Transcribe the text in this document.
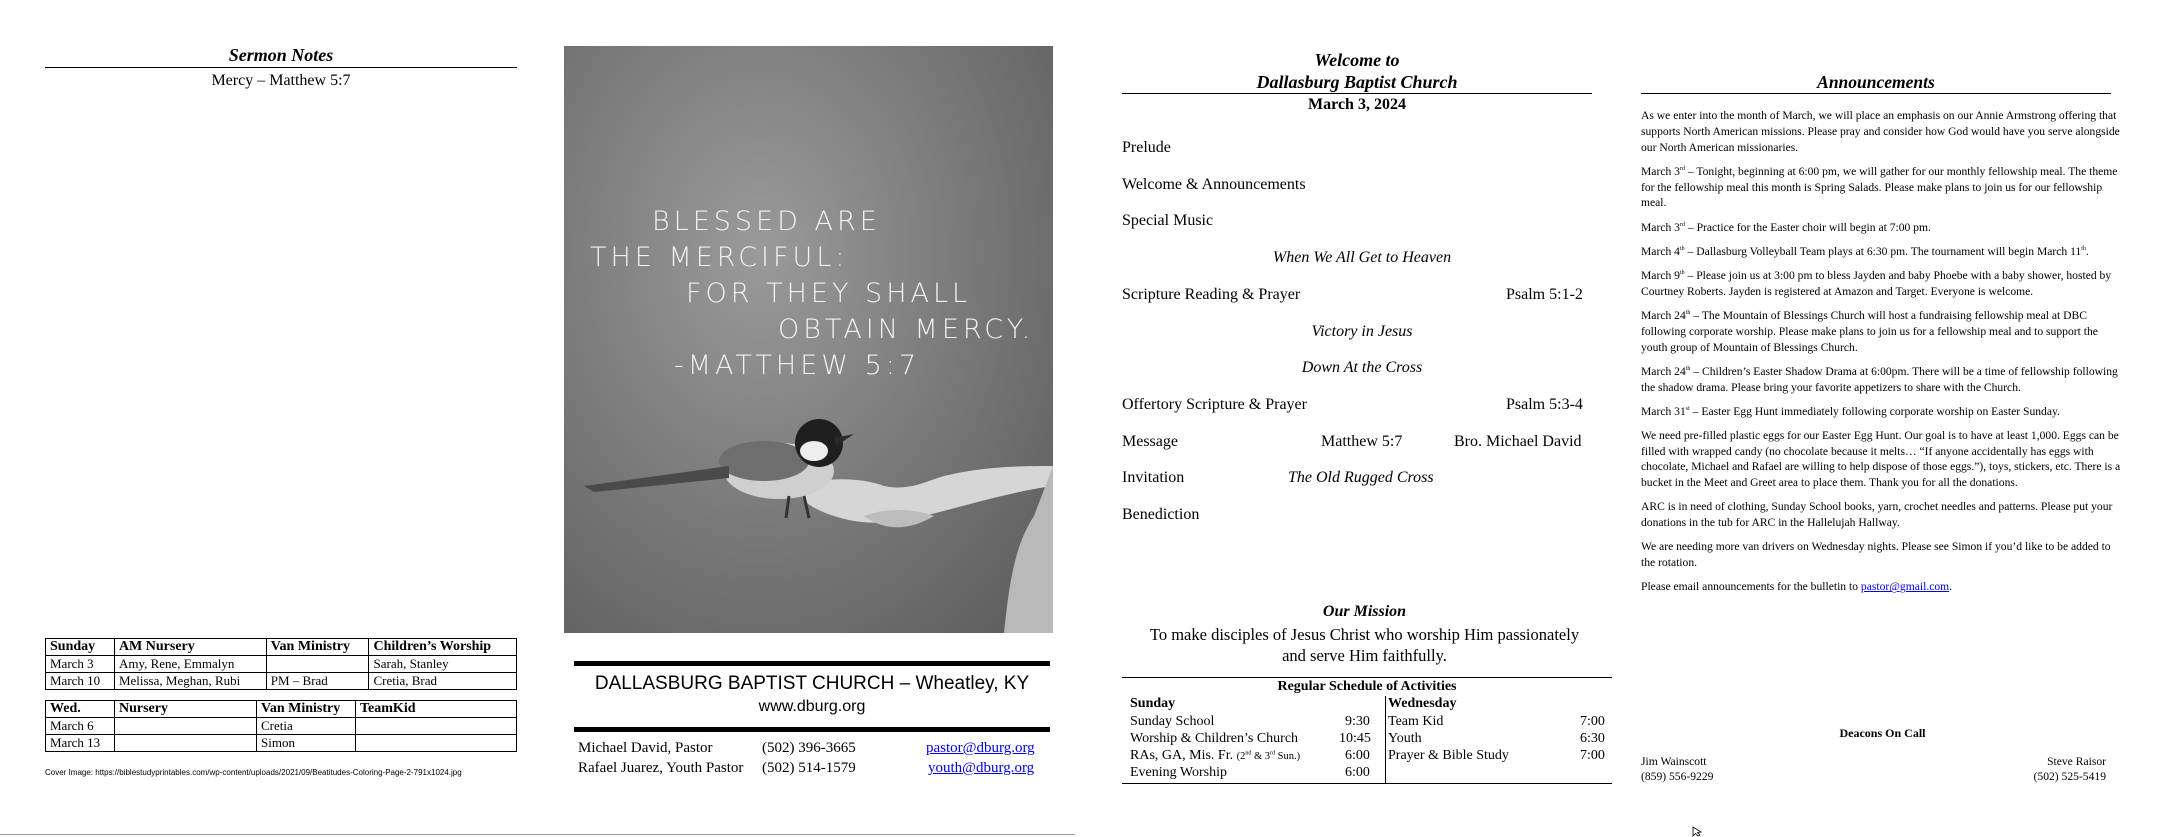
Sermon Notes
Mercy – Matthew 5:7
Sunday	AM Nursery	Van Ministry	Children’s Worship
March 3	Amy, Rene, Emmalyn		Sarah, Stanley
March 10	Melissa, Meghan, Rubi	PM – Brad	Cretia, Brad
Wed.	Nursery	Van Ministry	TeamKid
March 6		Cretia	
March 13		Simon	
Cover Image: https://biblestudyprintables.com/wp-content/uploads/2021/09/Beatitudes-Coloring-Page-2-791x1024.jpg
BLESSED ARE
THE MERCIFUL:
FOR THEY SHALL
OBTAIN MERCY.
-MATTHEW 5:7
DALLASBURG BAPTIST CHURCH – Wheatley, KY
www.dburg.org
Michael David, Pastor	(502) 396-3665	pastor@dburg.org
Rafael Juarez, Youth Pastor (502) 514-1579	youth@dburg.org
Welcome to
Dallasburg Baptist Church
March 3, 2024
Prelude
Welcome & Announcements
Special Music
When We All Get to Heaven
Scripture Reading & Prayer	Psalm 5:1-2
Victory in Jesus
Down At the Cross
Offertory Scripture & Prayer	Psalm 5:3-4
Message	Matthew 5:7	Bro. Michael David
Invitation	The Old Rugged Cross
Benediction
Our Mission
To make disciples of Jesus Christ who worship Him passionately
and serve Him faithfully.
Regular Schedule of Activities
Sunday
Sunday School	9:30
Worship & Children’s Church	10:45
RAs, GA, Mis. Fr. (2nd & 3rd Sun.)	6:00
Evening Worship	6:00
Wednesday
Team Kid	7:00
Youth	6:30
Prayer & Bible Study	7:00
Announcements

As we enter into the month of March, we will place an emphasis on our Annie Armstrong offering that supports North American missions. Please pray and consider how God would have you serve alongside our North American missionaries.

March 3rd – Tonight, beginning at 6:00 pm, we will gather for our monthly fellowship meal. The theme for the fellowship meal this month is Spring Salads. Please make plans to join us for our fellowship meal.

March 3rd – Practice for the Easter choir will begin at 7:00 pm.

March 4th – Dallasburg Volleyball Team plays at 6:30 pm. The tournament will begin March 11th.

March 9th – Please join us at 3:00 pm to bless Jayden and baby Phoebe with a baby shower, hosted by Courtney Roberts. Jayden is registered at Amazon and Target. Everyone is welcome.

March 24th – The Mountain of Blessings Church will host a fundraising fellowship meal at DBC following corporate worship. Please make plans to join us for a fellowship meal and to support the youth group of Mountain of Blessings Church.

March 24th – Children’s Easter Shadow Drama at 6:00pm. There will be a time of fellowship following the shadow drama. Please bring your favorite appetizers to share with the Church.

March 31st – Easter Egg Hunt immediately following corporate worship on Easter Sunday.

We need pre-filled plastic eggs for our Easter Egg Hunt. Our goal is to have at least 1,000. Eggs can be filled with wrapped candy (no chocolate because it melts… “If anyone accidentally has eggs with chocolate, Michael and Rafael are willing to help dispose of those eggs.”), toys, stickers, etc. There is a bucket in the Meet and Greet area to place them. Thank you for all the donations.

ARC is in need of clothing, Sunday School books, yarn, crochet needles and patterns. Please put your donations in the tub for ARC in the Hallelujah Hallway.

We are needing more van drivers on Wednesday nights. Please see Simon if you’d like to be added to the rotation.

Please email announcements for the bulletin to pastor@gmail.com.

Deacons On Call
Jim Wainscott
(859) 556-9229
Steve Raisor
(502) 525-5419
